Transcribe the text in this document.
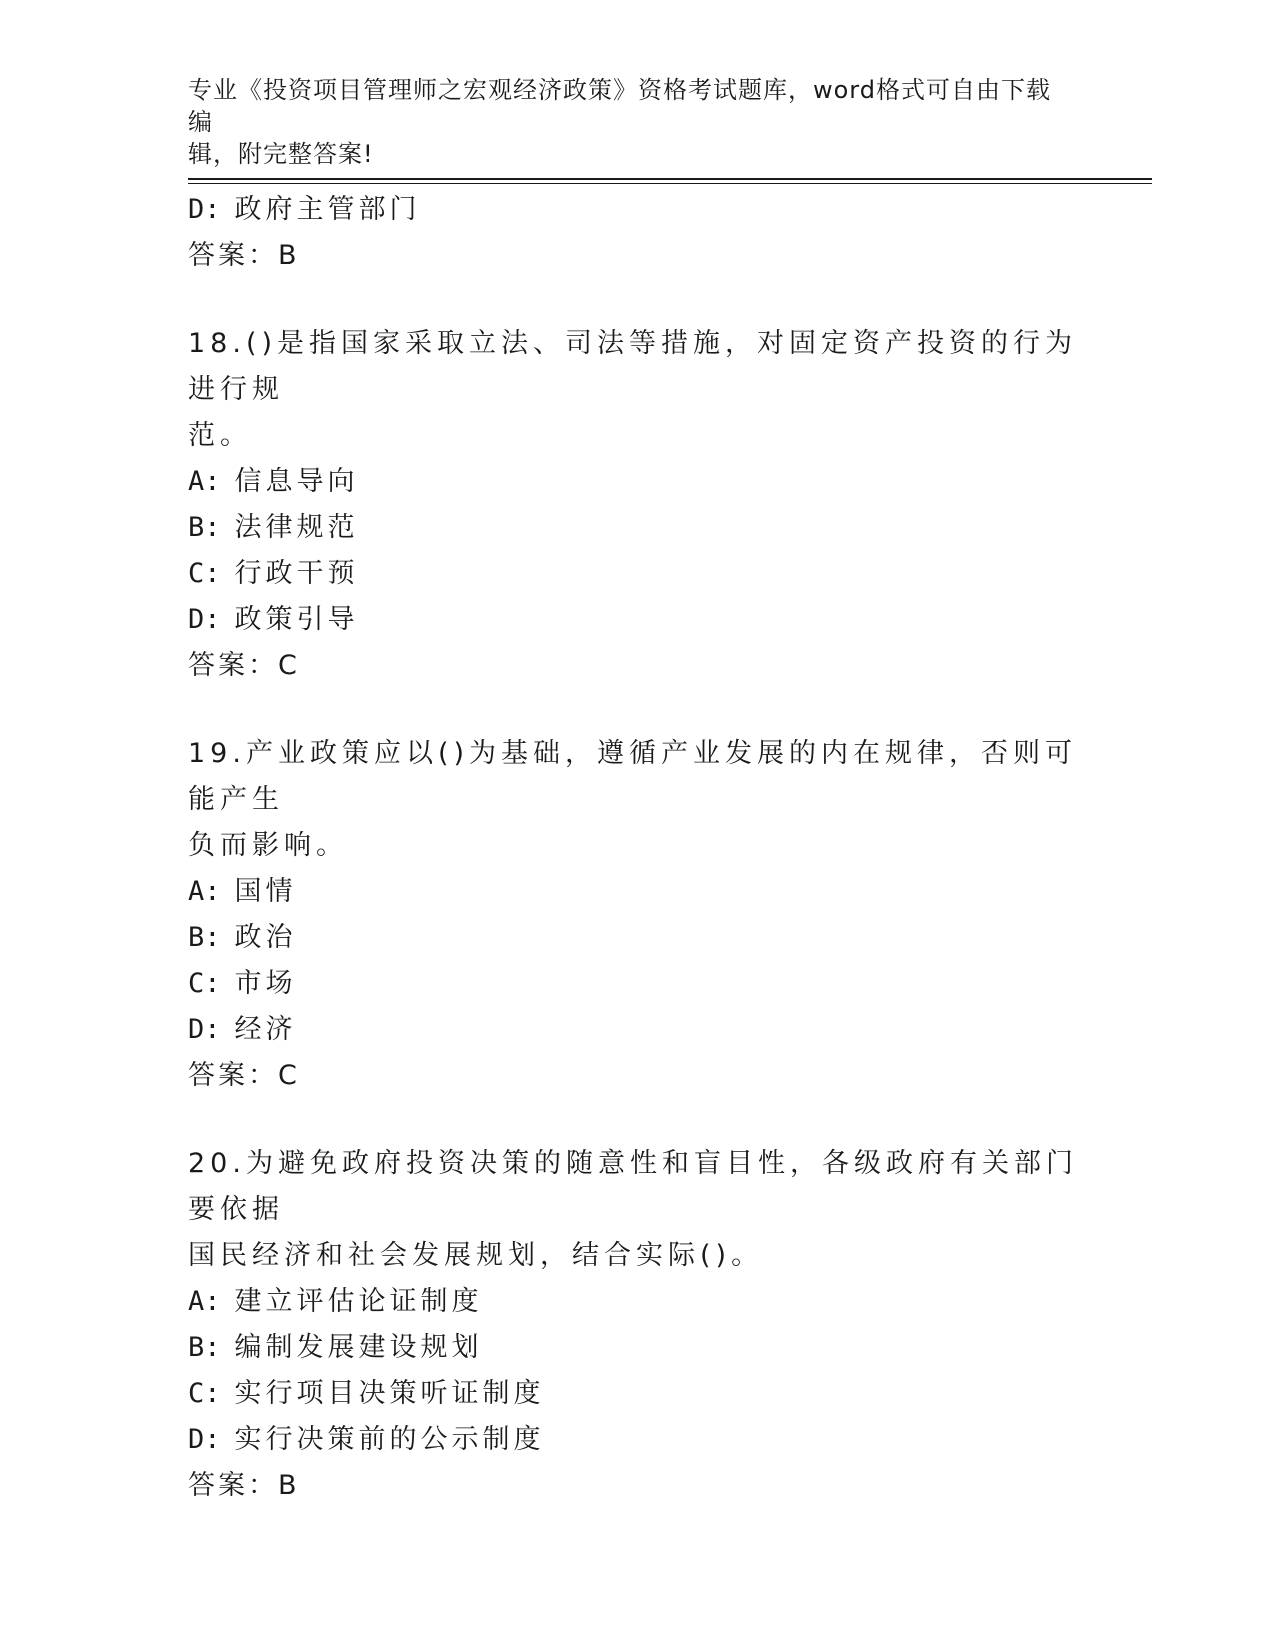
专业《投资项目管理师之宏观经济政策》资格考试题库，word格式可自由下载编
辑，附完整答案!
D: 政府主管部门
答案：B
18.()是指国家采取立法、司法等措施，对固定资产投资的行为进行规
范。
A: 信息导向
B: 法律规范
C: 行政干预
D: 政策引导
答案：C
19.产业政策应以()为基础，遵循产业发展的内在规律，否则可能产生
负而影响。
A: 国情
B: 政治
C: 市场
D: 经济
答案：C
20.为避免政府投资决策的随意性和盲目性，各级政府有关部门要依据
国民经济和社会发展规划，结合实际()。
A: 建立评估论证制度
B: 编制发展建设规划
C: 实行项目决策听证制度
D: 实行决策前的公示制度
答案：B
